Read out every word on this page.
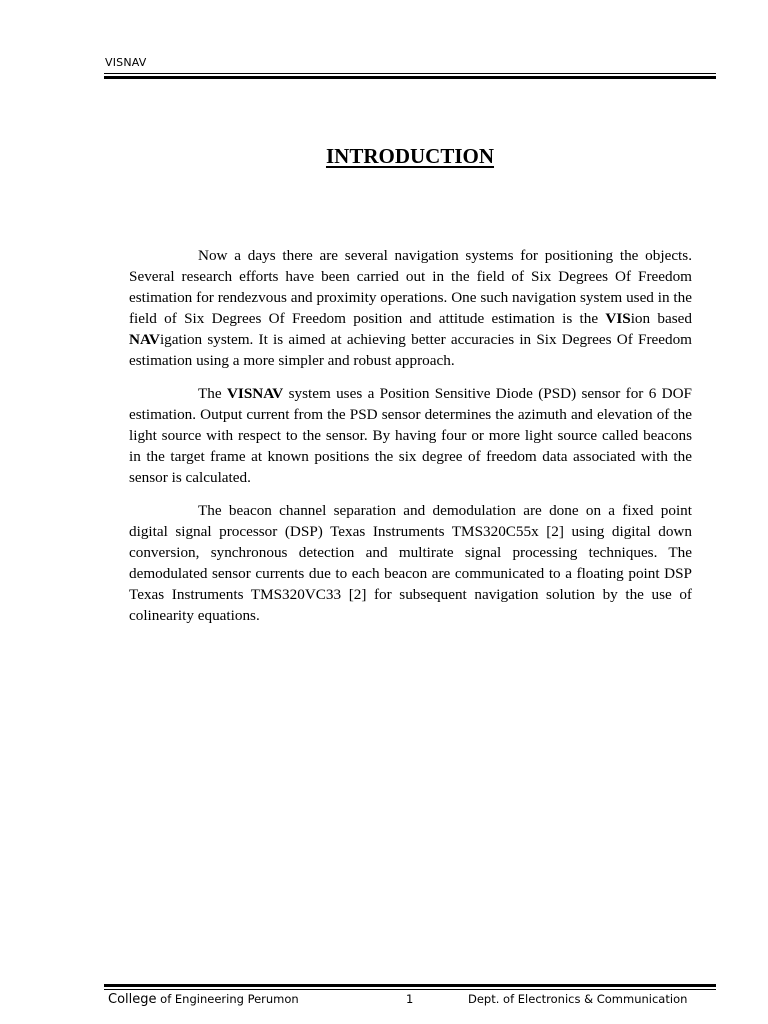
VISNAV
INTRODUCTION

Now a days there are several navigation systems for positioning the objects. Several research efforts have been carried out in the field of Six Degrees Of Freedom estimation for rendezvous and proximity operations. One such navigation system used in the field of Six Degrees Of Freedom position and attitude estimation is the VISion based NAVigation system. It is aimed at achieving better accuracies in Six Degrees Of Freedom estimation using a more simpler and robust approach.

The VISNAV system uses a Position Sensitive Diode (PSD) sensor for 6 DOF estimation. Output current from the PSD sensor determines the azimuth and elevation of the light source with respect to the sensor. By having four or more light source called beacons in the target frame at known positions the six degree of freedom data associated with the sensor is calculated.

The beacon channel separation and demodulation are done on a fixed point digital signal processor (DSP) Texas Instruments TMS320C55x [2] using digital down conversion, synchronous detection and multirate signal processing techniques. The demodulated sensor currents due to each beacon are communicated to a floating point DSP Texas Instruments TMS320VC33 [2] for subsequent navigation solution by the use of colinearity equations.

College of Engineering Perumon	1	Dept. of Electronics & Communication
